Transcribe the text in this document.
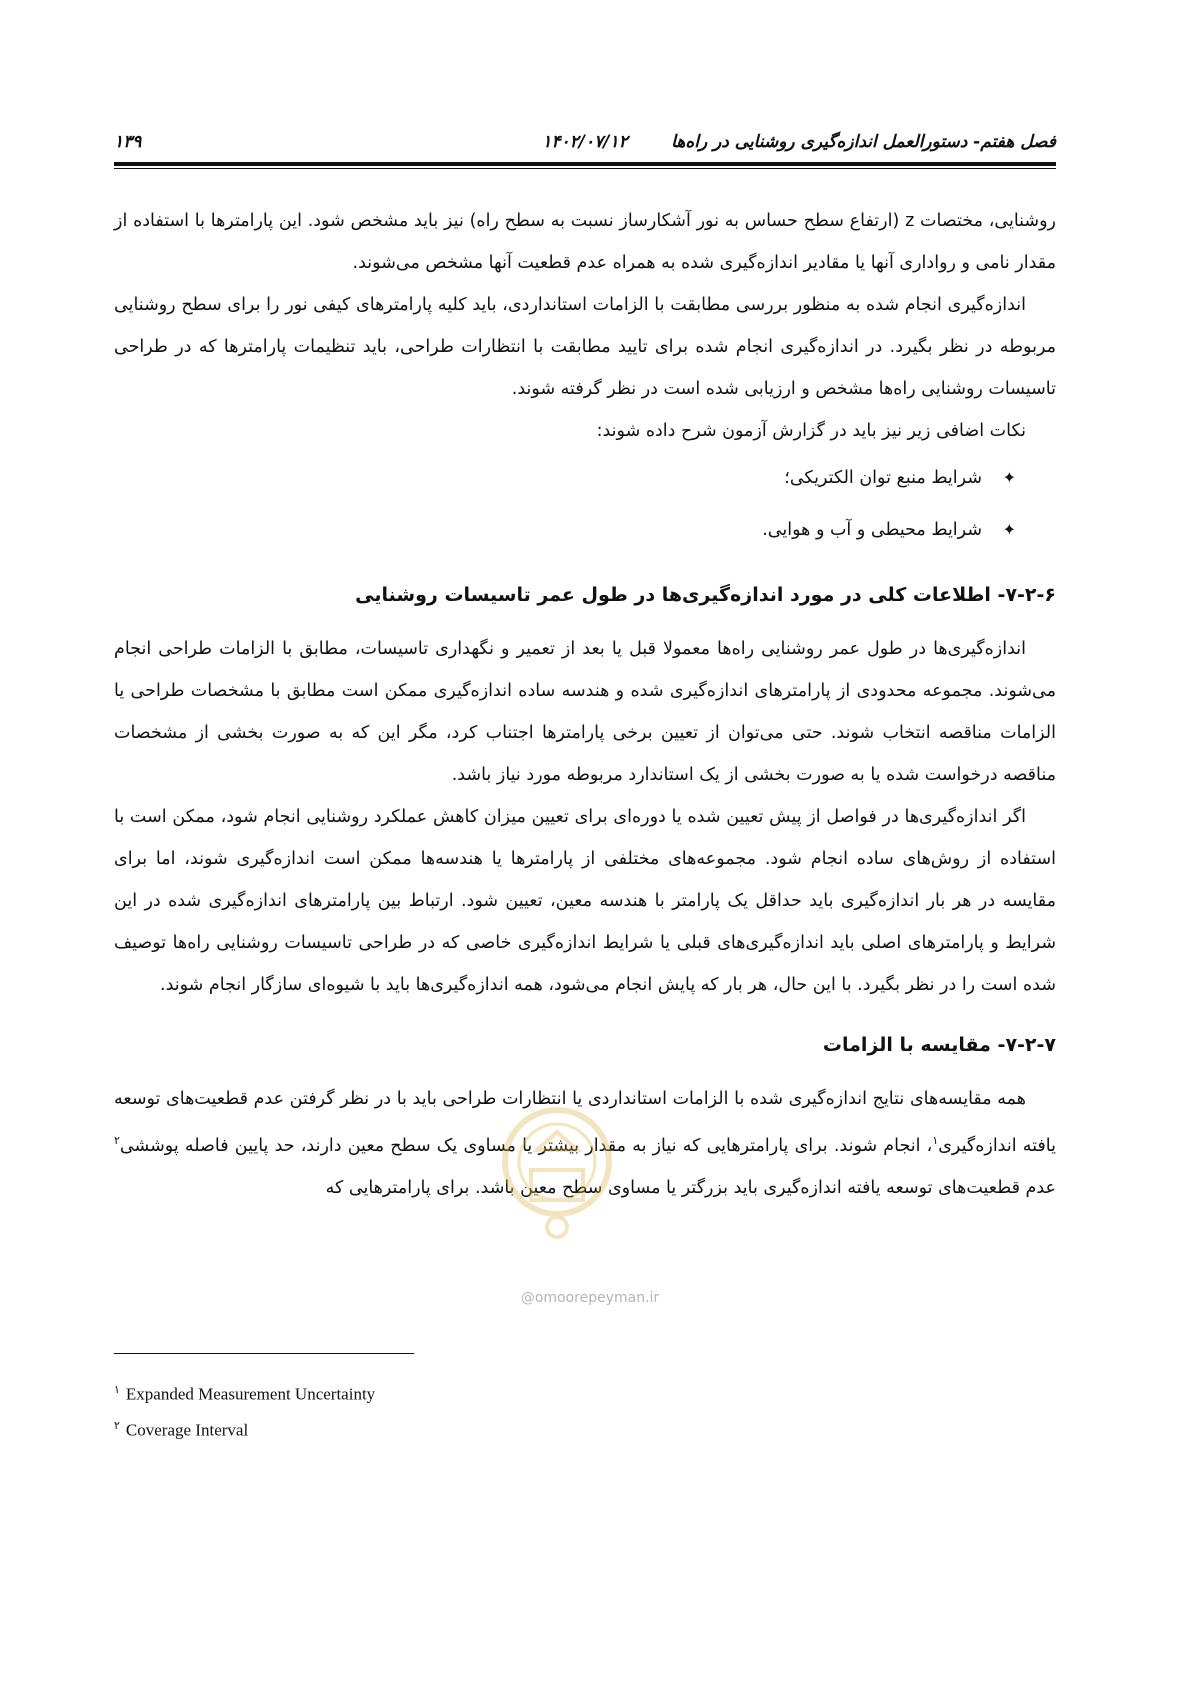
فصل هفتم- دستورالعمل اندازه‌گیری روشنایی در راه‌ها
۱۴۰۲/۰۷/۱۲
۱۳۹

روشنایی، مختصات z (ارتفاع سطح حساس به نور آشکارساز نسبت به سطح راه) نیز باید مشخص شود. این پارامترها با استفاده از مقدار نامی و رواداری آنها یا مقادیر اندازه‌گیری شده به همراه عدم قطعیت آنها مشخص می‌شوند.

اندازه‌گیری انجام شده به منظور بررسی مطابقت با الزامات استانداردی، باید کلیه پارامترهای کیفی نور را برای سطح روشنایی مربوطه در نظر بگیرد. در اندازه‌گیری انجام شده برای تایید مطابقت با انتظارات طراحی، باید تنظیمات پارامترها که در طراحی تاسیسات روشنایی راه‌ها مشخص و ارزیابی شده است در نظر گرفته شوند.

نکات اضافی زیر نیز باید در گزارش آزمون شرح داده شوند:

✦شرایط منبع توان الکتریکی؛
✦شرایط محیطی و آب و هوایی.
۷-۲-۶- اطلاعات کلی در مورد اندازه‌گیری‌ها در طول عمر تاسیسات روشنایی

اندازه‌گیری‌ها در طول عمر روشنایی راه‌ها معمولا قبل یا بعد از تعمیر و نگهداری تاسیسات، مطابق با الزامات طراحی انجام می‌شوند. مجموعه محدودی از پارامترهای اندازه‌گیری شده و هندسه ساده اندازه‌گیری ممکن است مطابق با مشخصات طراحی یا الزامات مناقصه انتخاب شوند. حتی می‌توان از تعیین برخی پارامترها اجتناب کرد، مگر این که به صورت بخشی از مشخصات مناقصه درخواست شده یا به صورت بخشی از یک استاندارد مربوطه مورد نیاز باشد.

اگر اندازه‌گیری‌ها در فواصل از پیش تعیین شده یا دوره‌ای برای تعیین میزان کاهش عملکرد روشنایی انجام شود، ممکن است با استفاده از روش‌های ساده انجام شود. مجموعه‌های مختلفی از پارامترها یا هندسه‌ها ممکن است اندازه‌گیری شوند، اما برای مقایسه در هر بار اندازه‌گیری باید حداقل یک پارامتر با هندسه معین، تعیین شود. ارتباط بین پارامترهای اندازه‌گیری شده در این شرایط و پارامترهای اصلی باید اندازه‌گیری‌های قبلی یا شرایط اندازه‌گیری خاصی که در طراحی تاسیسات روشنایی راه‌ها توصیف شده است را در نظر بگیرد. با این حال، هر بار که پایش انجام می‌شود، همه اندازه‌گیری‌ها باید با شیوه‌ای سازگار انجام شوند.

۷-۲-۷- مقایسه با الزامات

همه مقایسه‌های نتایج اندازه‌گیری شده با الزامات استانداردی یا انتظارات طراحی باید با در نظر گرفتن عدم قطعیت‌های توسعه یافته اندازه‌گیری$^۱$، انجام شوند. برای پارامترهایی که نیاز به مقدار بیشتر یا مساوی یک سطح معین دارند، حد پایین فاصله پوششی$^۲$ عدم قطعیت‌های توسعه یافته اندازه‌گیری باید بزرگتر یا مساوی سطح معین باشد. برای پارامترهایی که

@omoorepeyman.ir
$^۱$ Expanded Measurement Uncertainty
$^۲$ Coverage Interval
